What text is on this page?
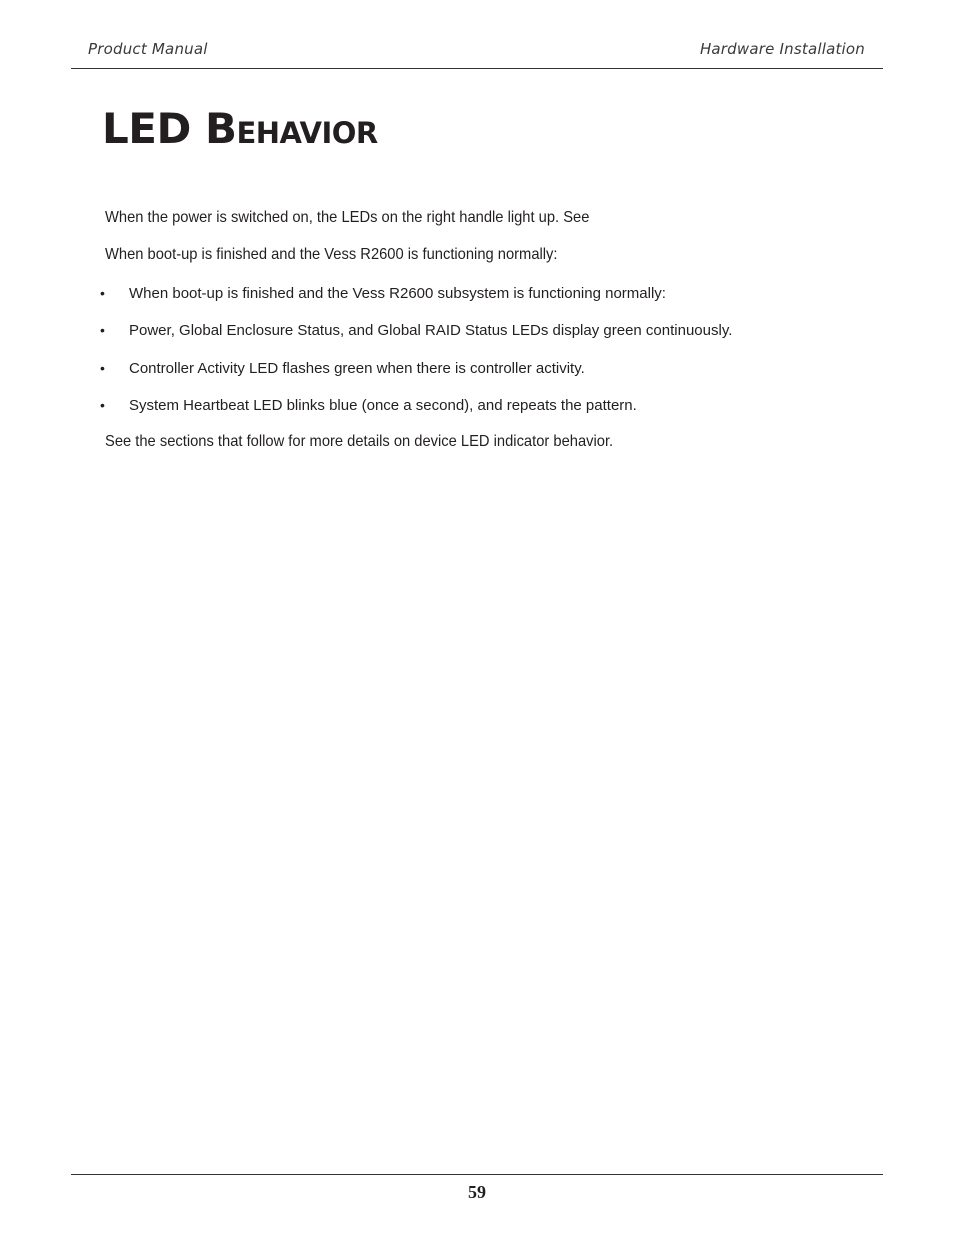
Product Manual	Hardware Installation
LED Behavior

When the power is switched on, the LEDs on the right handle light up. See

When boot-up is finished and the Vess R2600 is functioning normally:

• When boot-up is finished and the Vess R2600 subsystem is functioning normally:
• Power, Global Enclosure Status, and Global RAID Status LEDs display green continuously.
• Controller Activity LED flashes green when there is controller activity.
• System Heartbeat LED blinks blue (once a second), and repeats the pattern.

See the sections that follow for more details on device LED indicator behavior.

59
